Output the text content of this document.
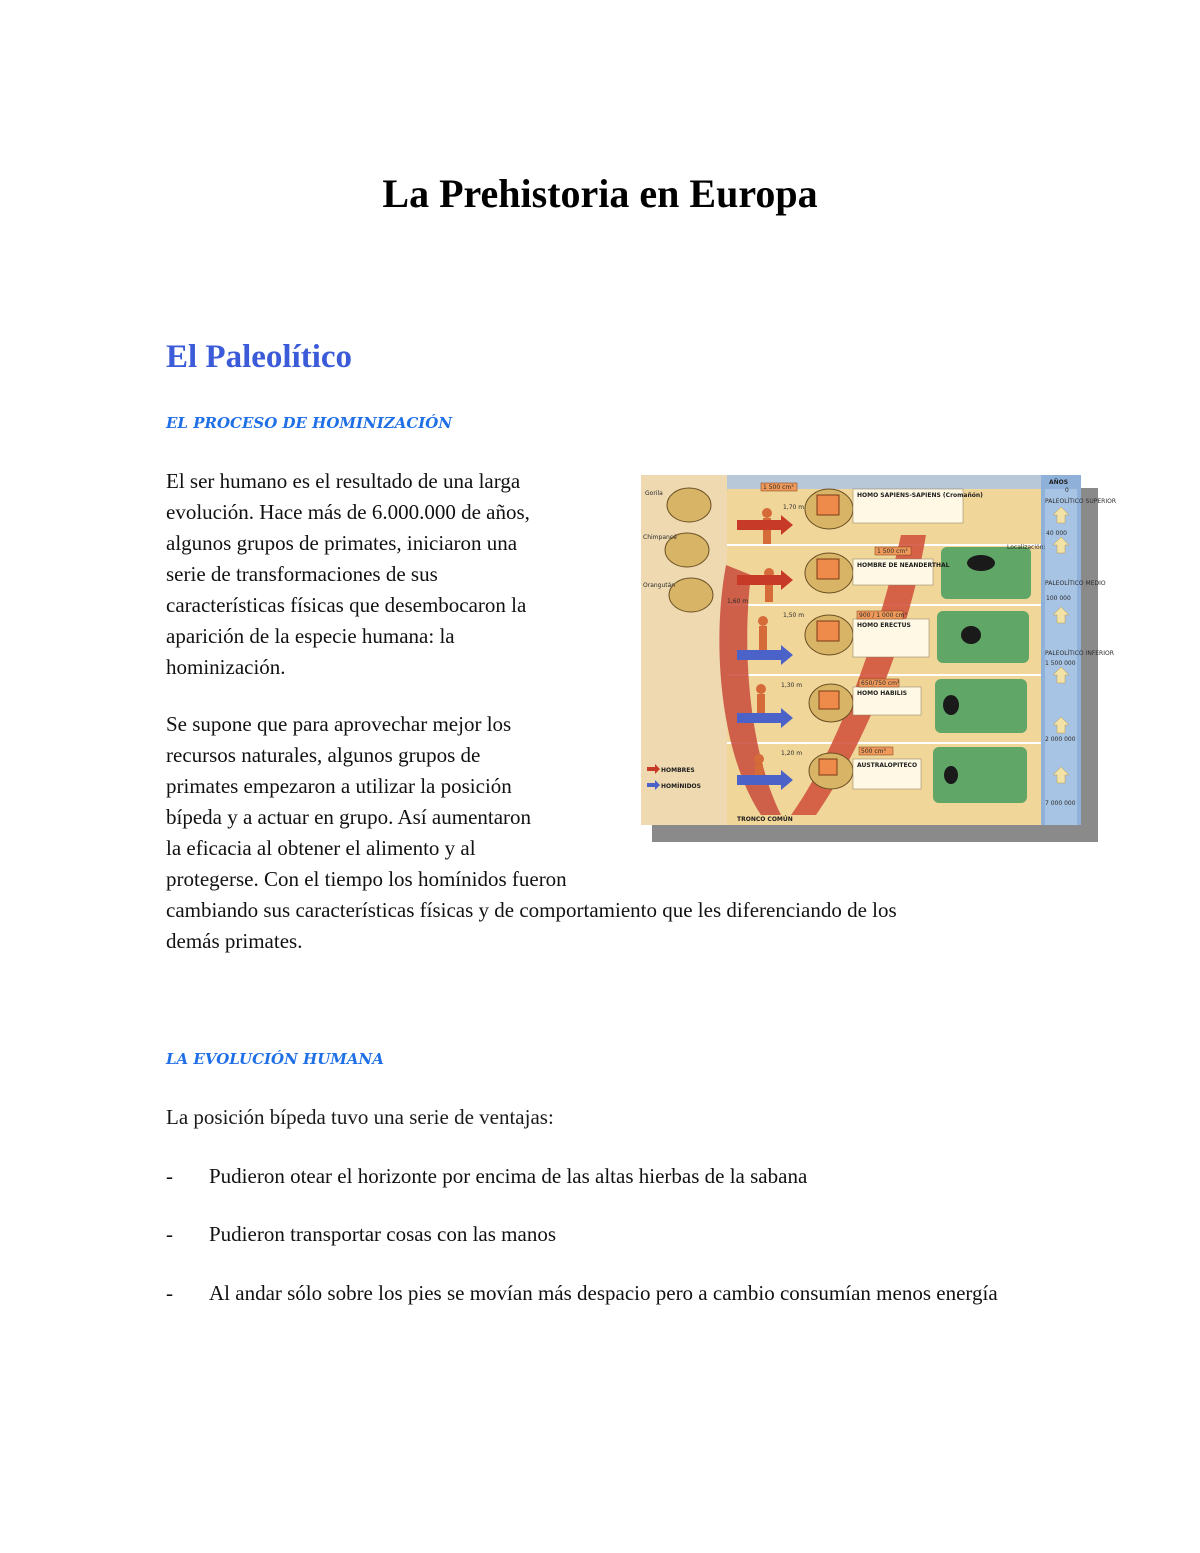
La Prehistoria en Europa
El Paleolítico
EL PROCESO DE HOMINIZACIÓN
El ser humano es el resultado de una larga
evolución. Hace más de 6.000.000 de años,
algunos grupos de primates, iniciaron una
serie de transformaciones de sus
características físicas que desembocaron la
aparición de la especie humana: la
hominización.
Se supone que para aprovechar mejor los
recursos naturales, algunos grupos de
primates empezaron a utilizar la posición
bípeda y a actuar en grupo. Así aumentaron
la eficacia al obtener el alimento y al
protegerse. Con el tiempo los homínidos fueron
cambiando sus características físicas y de comportamiento que les diferenciando de los
demás primates.
HOMO SAPIENS-SAPIENS (Cromañón)
HOMBRE DE NEANDERTHAL
HOMO ERECTUS
HOMO HABILIS
AUSTRALOPITECO
Gorila
Chimpancé
Orangután
HOMBRES
HOMÍNIDOS
TRONCO COMÚN
AÑOS
0
40 000
100 000
1 500 000
2 000 000
7 000 000
1,70 m
1,60 m
1,50 m
1,30 m
1,20 m
1 500 cm³
1 500 cm³
900 / 1 000 cm³
650/750 cm³
500 cm³
Localización:
PALEOLÍTICO SUPERIOR
PALEOLÍTICO MEDIO
PALEOLÍTICO INFERIOR
LA EVOLUCIÓN HUMANA
La posición bípeda tuvo una serie de ventajas:
-	Pudieron otear el horizonte por encima de las altas hierbas de la sabana
-	Pudieron transportar cosas con las manos
-	Al andar sólo sobre los pies se movían más despacio pero a cambio consumían menos energía
